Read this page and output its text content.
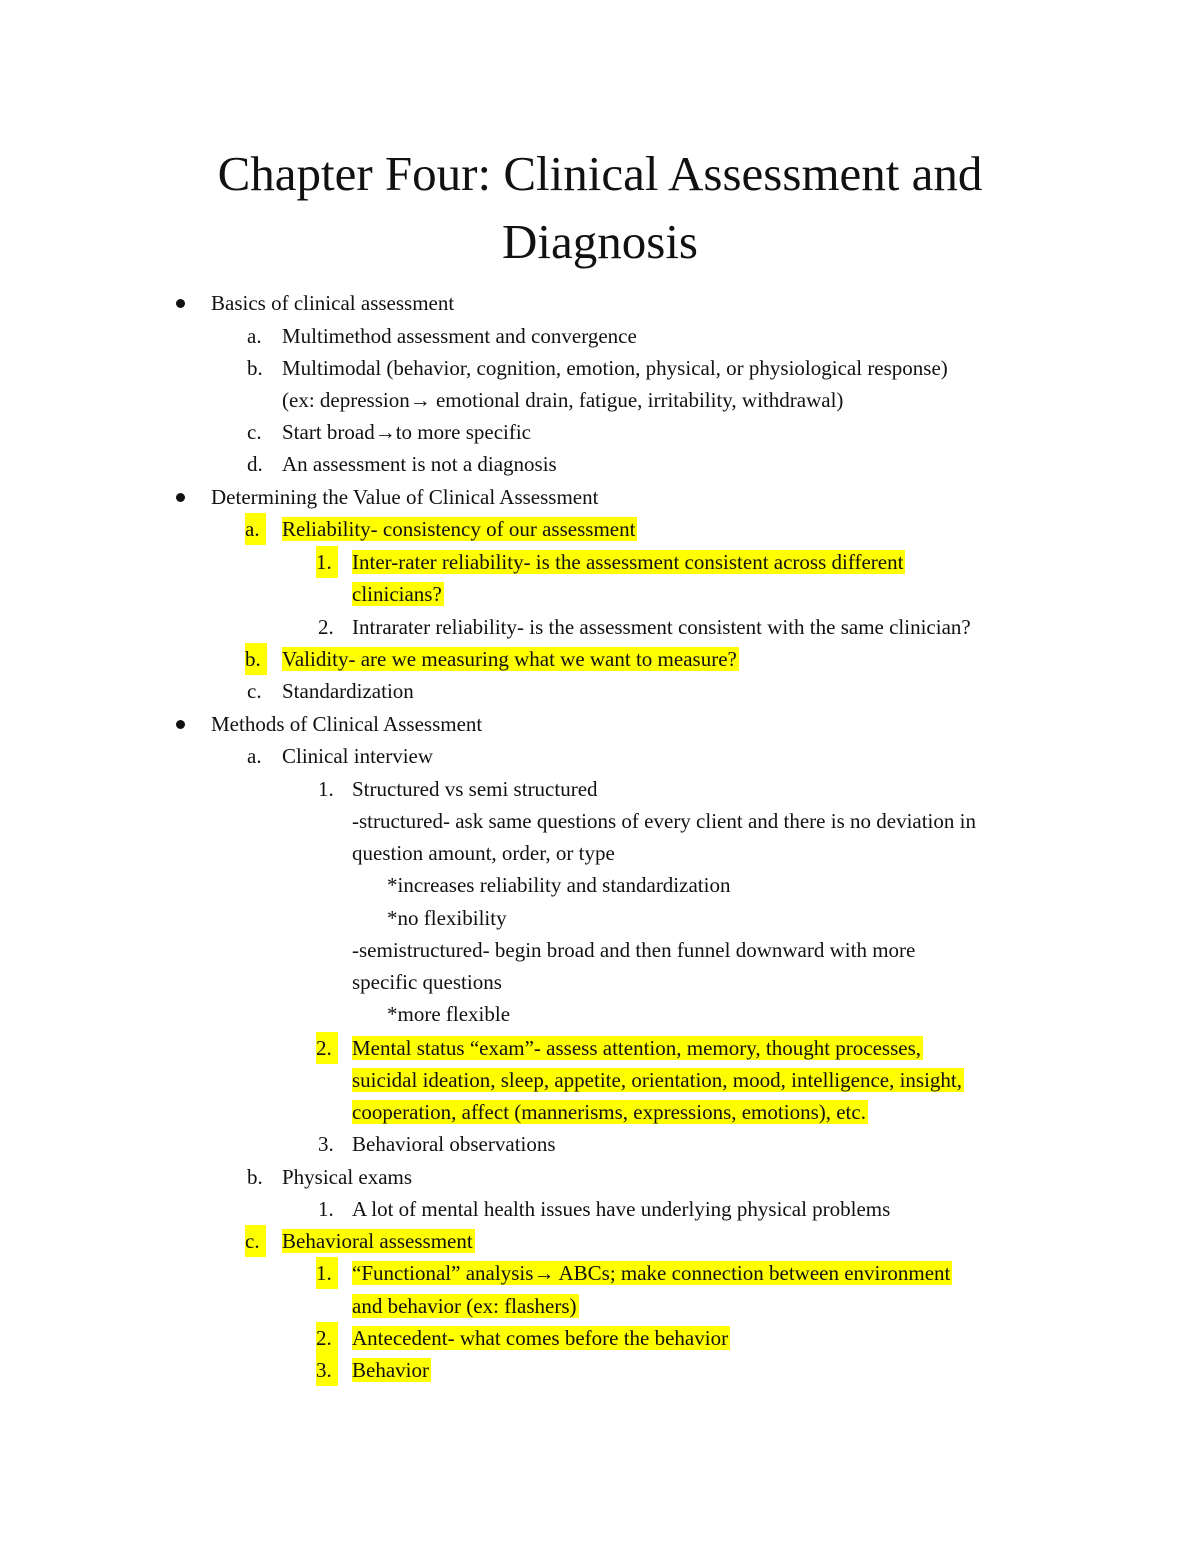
Chapter Four: Clinical Assessment and
Diagnosis
Basics of clinical assessment
a. Multimethod assessment and convergence
b. Multimodal (behavior, cognition, emotion, physical, or physiological response)
(ex: depression→ emotional drain, fatigue, irritability, withdrawal)
c. Start broad→to more specific
d. An assessment is not a diagnosis
Determining the Value of Clinical Assessment
a. Reliability- consistency of our assessment
1. Inter-rater reliability- is the assessment consistent across different
clinicians?
2. Intrarater reliability- is the assessment consistent with the same clinician?
b. Validity- are we measuring what we want to measure?
c. Standardization
Methods of Clinical Assessment
a. Clinical interview
1. Structured vs semi structured
-structured- ask same questions of every client and there is no deviation in
question amount, order, or type
*increases reliability and standardization
*no flexibility
-semistructured- begin broad and then funnel downward with more
specific questions
*more flexible
2. Mental status “exam”- assess attention, memory, thought processes,
suicidal ideation, sleep, appetite, orientation, mood, intelligence, insight,
cooperation, affect (mannerisms, expressions, emotions), etc.
3. Behavioral observations
b. Physical exams
1. A lot of mental health issues have underlying physical problems
c. Behavioral assessment
1. “Functional” analysis→ ABCs; make connection between environment
and behavior (ex: flashers)
2. Antecedent- what comes before the behavior
3. Behavior
